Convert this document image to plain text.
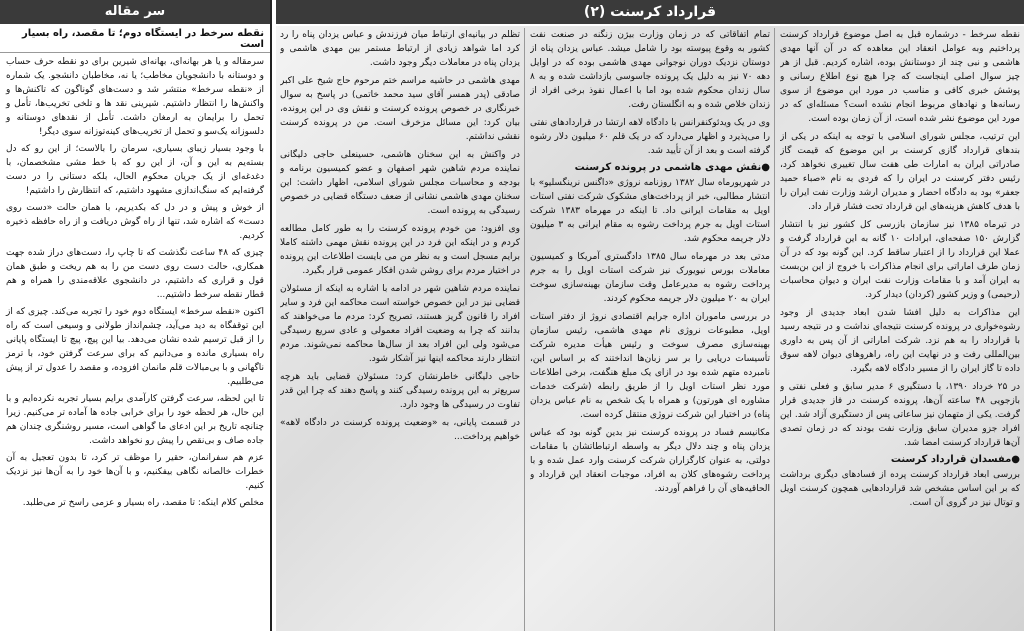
سر مقاله
نقطه سرخط در ایستگاه دوم؛ تا مقصد، راه بسیار است

سرمقاله و یا هر بهانه‌ای، بهانه‌ای شیرین برای دو نقطه حرف حساب و دوستانه با دانشجویان مخاطب؛ یا نه، مخاطبان دانشجو. یک شماره از «نقطه سرخط» منتشر شد و دست‌های گوناگون که تاکنش‌ها و واکنش‌ها را انتظار داشتیم. شیرینی نقد ها و تلخی تخریب‌ها، تأمل و تحمل را برایمان به ارمغان داشت. تأمل از نقدهای دوستانه و دلسوزانه یک‌سو و تحمل از تخریب‌های کینه‌توزانه سوی دیگر!

با وجود بسیار زیبای بسیاری، سرمان را بالاست؛ از این رو که دل بسته‌یم به این و آن، از این رو که با خط مشی مشخصمان، با دغدغه‌ای از یک جریان محکوم الحال، بلکه دستانی را در دست گرفته‌ایم که سنگ‌اندازی مشهود داشتیم، که انتظارش را داشتیم!

از خوش و پیش و در دل که بکدیریم، با همان حالت «دست روی دست» که اشاره شد، تنها از راه گوش دریافت و از راه حافظه ذخیره کردیم.

چیزی که ۴۸ ساعت نگذشت که تا چاپ را، دست‌های دراز شده جهت همکاری، حالت دست روی دست من را به هم ریخت و طبق همان قول و قراری که داشتیم، در دانشجوی علاقه‌مندی را همراه و هم قطار نقطه سرخط داشتیم...

اکنون «نقطه سرخط» ایستگاه دوم خود را تجربه می‌کند. چیزی که از این توقفگاه به دید می‌آید، چشم‌انداز طولانی و وسیعی است که راه را از قبل ترسیم شده نشان می‌دهد. بیا این پیچ، پیچ تا ایستگاه پایانی راه بسیاری مانده و می‌دانیم که برای سرعت گرفتن خود، با ترمز ناگهانی و با بی‌مبالات قلم مانمان افزوده، و مقصد را عدول تر از پیش می‌طلبیم.

تا این لحظه، سرعت گرفتن کارآمدی برایم بسیار تجربه نکرده‌ایم و با این حال، هر لحظه خود را برای خرابی جاده ها آماده تر می‌کنیم. زیرا چنانچه تاریخ بر این ادعای ما گواهی است، مسیر روشنگری چندان هم جاده صاف و بی‌نقص را پیش رو نخواهد داشت.

عزم هم سفرانمان، حقیر را موظف تر کرد، تا بدون تعجیل به آن خطرات خالصانه نگاهی بیفکنیم، و با آن‌ها خود را به آن‌ها نیز نزدیک کنیم.

مخلص کلام اینکه: تا مقصد، راه بسیار و عزمی راسخ تر می‌طلبد.

قرارداد کرسنت (۲)

نقطه سرخط - درشماره قبل به اصل موضوع قرارداد کرسنت پرداختیم وبه عوامل انعقاد این معاهده که در آن آنها مهدی هاشمی و نبی چند از دوستانش بوده، اشاره کردیم. قبل از هر چیز سوال اصلی اینجاست که چرا هیچ نوع اطلاع رسانی و پوشش خبری کافی و مناسب در مورد این موضوع از سوی رسانه‌ها و نهادهای مربوط انجام نشده است؟ مسئله‌ای که در مورد این موضوع نشر شده است، از آن زمان بوده است.

این ترتیب، مجلس شورای اسلامی با توجه به اینکه در یکی از بندهای قرارداد گازی کرسنت بر این موضوع که قیمت گاز صادراتی ایران به امارات طی هفت سال تغییری نخواهد کرد، رئیس دفتر کرسنت در ایران را که فردی به نام «صباء حمید جعفر» بود به دادگاه احضار و مدیران ارشد وزارت نفت ایران را با هدف کاهش هزینه‌های این قرارداد تحت فشار قرار داد.

در تیرماه ۱۳۸۵ نیز سازمان بازرسی کل کشور نیز با انتشار گزارش ۱۵۰ صفحه‌ای، ابرادات ۱۰ گانه به این قرارداد گرفت و عملا این قرارداد را از اعتبار ساقط کرد. این گونه بود که در آن زمان طرف اماراتی برای انجام مذاکرات با خروج از این بن‌بست به ایران آمد و با مقامات وزارت نفت ایران و دیوان محاسبات (رحیمی) و وزیر کشور (کردان) دیدار کرد.

این مذاکرات به دلیل افشا شدن ابعاد جدیدی از وجود رشوه‌خواری در پرونده کرسنت نتیجه‌ای نداشت و در نتیجه رسید با قرارداد را به هم نزد. شرکت اماراتی از آن پس به داوری بین‌المللی رفت و در نهایت این راه، راهروهای دیوان لاهه سوق داده تا گاز ایران را از مسیر دادگاه لاهه بگیرد.

در ۲۵ خرداد ۱۳۹۰، با دستگیری ۶ مدیر سابق و فعلی نفتی و بازجویی ۴۸ ساعته آن‌ها، پرونده کرسنت در فاز جدیدی قرار گرفت. یکی از متهمان نیز ساعاتی پس از دستگیری آزاد شد. این افراد جزو مدیران سابق وزارت نفت بودند که در زمان تصدی آن‌ها قرارداد کرسنت امضا شد.

●مفسدان قرارداد کرسنت

بررسی ابعاد قرارداد کرسنت پرده از فسادهای دیگری برداشت که بر این اساس مشخص شد قراردادهایی همچون کرسنت اویل و توتال نیز در گروی آن است.

تمام اتفاقاتی که در زمان وزارت بیژن زنگنه در صنعت نفت کشور به وقوع پیوسته بود را شامل میشد. عباس یزدان پناه از دوستان نزدیک دوران نوجوانی مهدی هاشمی بوده که در اوایل دهه ۷۰ نیز به دلیل یک پرونده جاسوسی بازداشت شده و به ۸ سال زندان محکوم شده بود اما با اعمال نفوذ برخی افراد از زندان خلاص شده و به انگلستان رفت.

وی در یک ویدئوکنفرانس با دادگاه لاهه ارتشا در قراردادهای نفتی را می‌پذیرد و اظهار می‌دارد که در یک قلم ۶۰ میلیون دلار رشوه گرفته است و بعد از آن تأیید شد.

●نقش مهدی هاشمی در پرونده کرسنت

در شهریورماه سال ۱۳۸۲ روزنامه نروژی «داگنس نرینگسلیو» با انتشار مطالبی، خبر از پرداخت‌های مشکوک شرکت نفتی استات اویل به مقامات ایرانی داد. تا اینکه در مهرماه ۱۳۸۳ شرکت استات اویل به جرم پرداخت رشوه به مقام ایرانی به ۳ میلیون دلار جریمه محکوم شد.

مدتی بعد در مهرماه سال ۱۳۸۵ دادگستری آمریکا و کمیسیون معاملات بورس نیویورک نیز شرکت استات اویل را به جرم پرداخت رشوه به مدیرعامل وقت سازمان بهینه‌سازی سوخت ایران به ۲۰ میلیون دلار جریمه محکوم کردند.

در بررسی ماموران اداره جرایم اقتصادی نروژ از دفتر استات اویل، مطبوعات نروژی نام مهدی هاشمی، رئیس سازمان بهینه‌سازی مصرف سوخت و رئیس هیأت مدیره شرکت تأسیسات دریایی را بر سر زبان‌ها انداختند که بر اساس این، نامبرده متهم شده بود در ازای یک مبلغ هنگفت، برخی اطلاعات مورد نظر استات اویل را از طریق رابطه (شرکت خدمات مشاوره ای هورتون) و همراه با یک شخص به نام عباس یزدان پناه) در اختیار این شرکت نروژی منتقل کرده است.

مکانیسم فساد در پرونده کرسنت نیز بدین گونه بود که عباس یزدان پناه و چند دلال دیگر به واسطه ارتباطاتشان با مقامات دولتی، به عنوان کارگزاران شرکت کرسنت وارد عمل شده و با پرداخت رشوه‌های کلان به افراد، موجبات انعقاد این قرارداد و الحاقیه‌های آن را فراهم آوردند.

تظلم در بیانیه‌ای ارتباط میان فرزندش و عباس یزدان پناه را رد کرد اما شواهد زیادی از ارتباط مستمر بین مهدی هاشمی و یزدان پناه در معاملات دیگر وجود داشت.

مهدی هاشمی در حاشیه مراسم ختم مرحوم حاج شیخ علی اکبر صادقی (پدر همسر آقای سید محمد خاتمی) در پاسخ به سوال خبرنگاری در خصوص پرونده کرسنت و نقش وی در این پرونده، بیان کرد: این مسائل مزخرف است. من در پرونده کرسنت نقشی نداشتم.

در واکنش به این سخنان هاشمی، حسینعلی حاجی دلیگانی نماینده مردم شاهین شهر اصفهان و عضو کمیسیون برنامه و بودجه و محاسبات مجلس شورای اسلامی، اظهار داشت: این سخنان مهدی هاشمی نشانی از ضعف دستگاه قضایی در خصوص رسیدگی به پرونده است.

وی افزود: من خودم پرونده کرسنت را به طور کامل مطالعه کردم و در اینکه این فرد در این پرونده نقش مهمی داشته کاملا برایم مسجل است و به نظر من می بایست اطلاعات این پرونده در اختیار مردم برای روشن شدن افکار عمومی قرار بگیرد.

نماینده مردم شاهین شهر در ادامه با اشاره به اینکه از مسئولان قضایی نیز در این خصوص خواسته است محاکمه این فرد و سایر افراد را قانون گریز هستند، تصریح کرد: مردم ما می‌خواهند که بدانند که چرا به وضعیت افراد معمولی و عادی سریع رسیدگی می‌شود ولی این افراد بعد از سال‌ها محاکمه نمی‌شوند. مردم انتظار دارند محاکمه اینها نیز آشکار شود.

حاجی دلیگانی خاطرنشان کرد: مسئولان قضایی باید هرچه سریع‌تر به این پرونده رسیدگی کنند و پاسخ دهند که چرا این قدر تفاوت در رسیدگی ها وجود دارد.

در قسمت پایانی، به «وضعیت پرونده کرسنت در دادگاه لاهه» خواهیم پرداخت...
